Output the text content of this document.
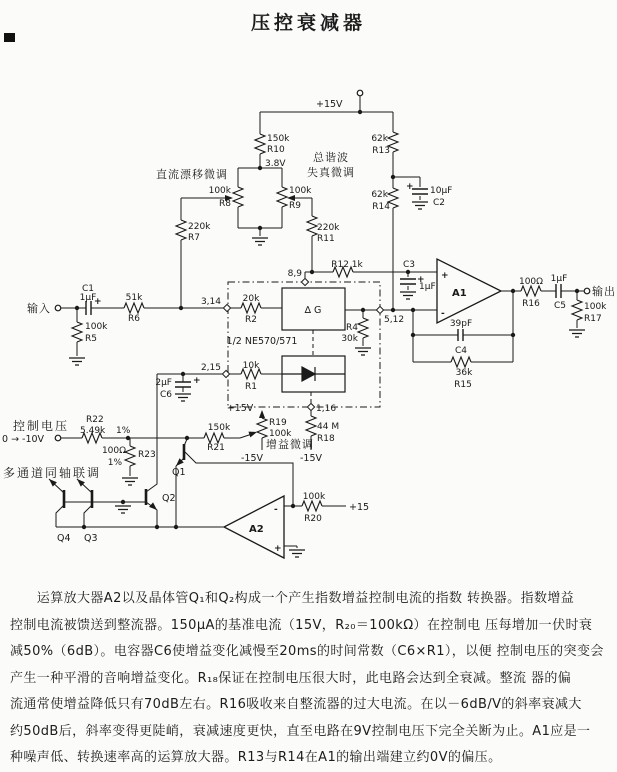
压控衰减器
+
-
A1
-
+
A2
+15V
输入
输出
控制电压
0 → -10V
+15V
-15V	-15V
+15
3.8V
直流漂移微调
总谐波
失真微调
增益微调
多通道同轴联调
1/2 NE570/571
∆ G
3,14
2,15
5,12
8,9
1,16
Q1
Q2
Q3
Q4
150k
R10
100k
R8
100k
R9
220k
R7
62k
R13
62k
R14
10µF
C2
+
220k
R11
R12 1k	C3
+
1µF
C1
1µF
+	51k
R6
100k
R5
20k
R2
10k
R1
R4
30k
2µF
C6
+
39pF
C4
36k
R15
100Ω
R16
1µF
C5 100k
R17
44 M
R18
R19
100k
150k
R21
R22
5.49k 1%
100Ω
1%
R23
100k
R20
　　运算放大器A2以及晶体管Q₁和Q₂构成一个产生指数增益控制电流的指数 转换器。指数增益
控制电流被馈送到整流器。150μA的基准电流（15V，R₂₀＝100kΩ）在控制电 压每增加一伏时衰
减50%（6dB）。电容器C6使增益变化减慢至20ms的时间常数（C6×R1），以便 控制电压的突变会
产生一种平滑的音响增益变化。R₁₈保证在控制电压很大时，此电路会达到全衰减。整流 器的偏
流通常使增益降低只有70dB左右。R16吸收来自整流器的过大电流。在以－6dB/V的斜率衰减大
约50dB后，斜率变得更陡峭，衰减速度更快，直至电路在9V控制电压下完全关断为止。A1应是一
种噪声低、转换速率高的运算放大器。R13与R14在A1的输出端建立约0V的偏压。
